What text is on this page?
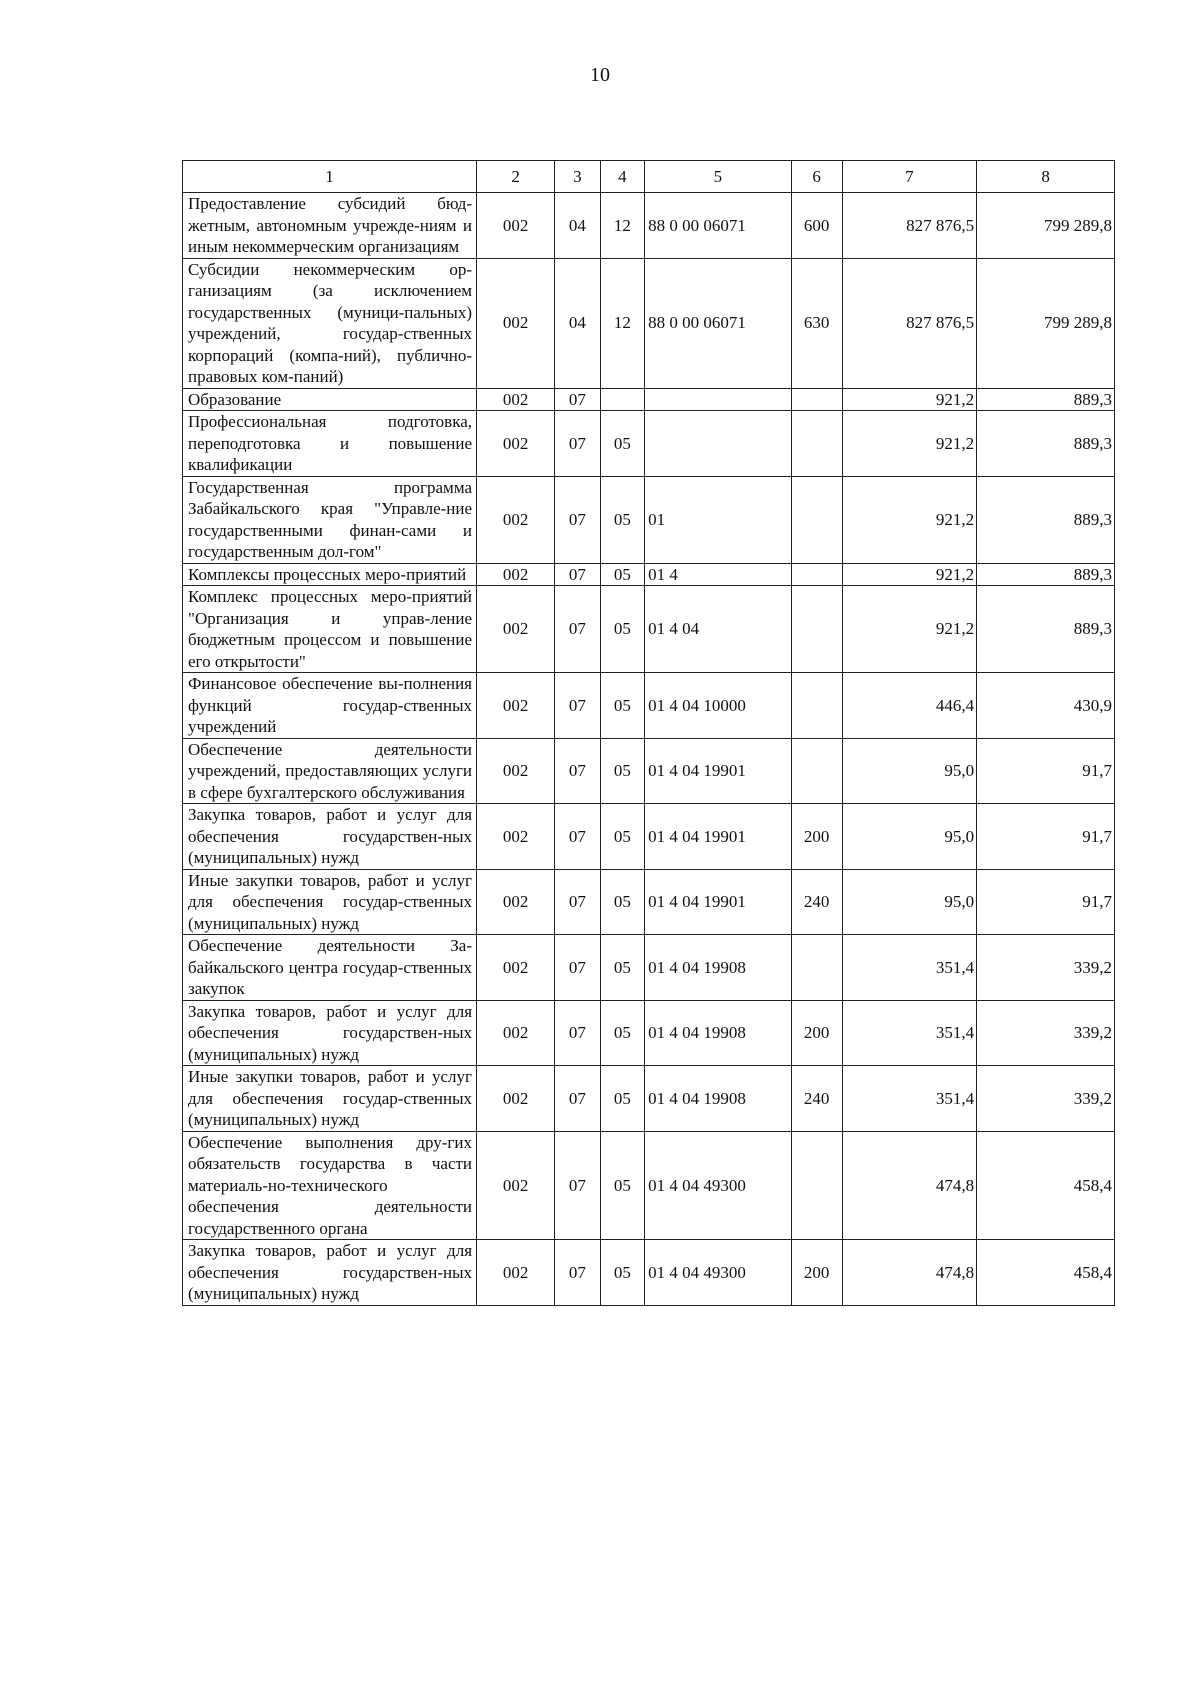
10
1	2	3	4	5	6	7	8
Предоставление субсидий бюд-жетным, автономным учрежде-ниям и иным некоммерческим организациям	002	04	12	88 0 00 06071	600	827 876,5	799 289,8
Субсидии некоммерческим ор-ганизациям (за исключением государственных (муници-пальных) учреждений, государ-ственных корпораций (компа-ний), публично-правовых ком-паний)	002	04	12	88 0 00 06071	630	827 876,5	799 289,8
Образование	002	07				921,2	889,3
Профессиональная подготовка, переподготовка и повышение квалификации	002	07	05			921,2	889,3
Государственная программа Забайкальского края "Управле-ние государственными финан-сами и государственным дол-гом"	002	07	05	01		921,2	889,3
Комплексы процессных меро-приятий	002	07	05	01 4		921,2	889,3
Комплекс процессных меро-приятий "Организация и управ-ление бюджетным процессом и повышение его открытости"	002	07	05	01 4 04		921,2	889,3
Финансовое обеспечение вы-полнения функций государ-ственных учреждений	002	07	05	01 4 04 10000		446,4	430,9
Обеспечение деятельности учреждений, предоставляющих услуги в сфере бухгалтерского обслуживания	002	07	05	01 4 04 19901		95,0	91,7
Закупка товаров, работ и услуг для обеспечения государствен-ных (муниципальных) нужд	002	07	05	01 4 04 19901	200	95,0	91,7
Иные закупки товаров, работ и услуг для обеспечения государ-ственных (муниципальных) нужд	002	07	05	01 4 04 19901	240	95,0	91,7
Обеспечение деятельности За-байкальского центра государ-ственных закупок	002	07	05	01 4 04 19908		351,4	339,2
Закупка товаров, работ и услуг для обеспечения государствен-ных (муниципальных) нужд	002	07	05	01 4 04 19908	200	351,4	339,2
Иные закупки товаров, работ и услуг для обеспечения государ-ственных (муниципальных) нужд	002	07	05	01 4 04 19908	240	351,4	339,2
Обеспечение выполнения дру-гих обязательств государства в части материаль-но-технического обеспечения деятельности государственного органа	002	07	05	01 4 04 49300		474,8	458,4
Закупка товаров, работ и услуг для обеспечения государствен-ных (муниципальных) нужд	002	07	05	01 4 04 49300	200	474,8	458,4
